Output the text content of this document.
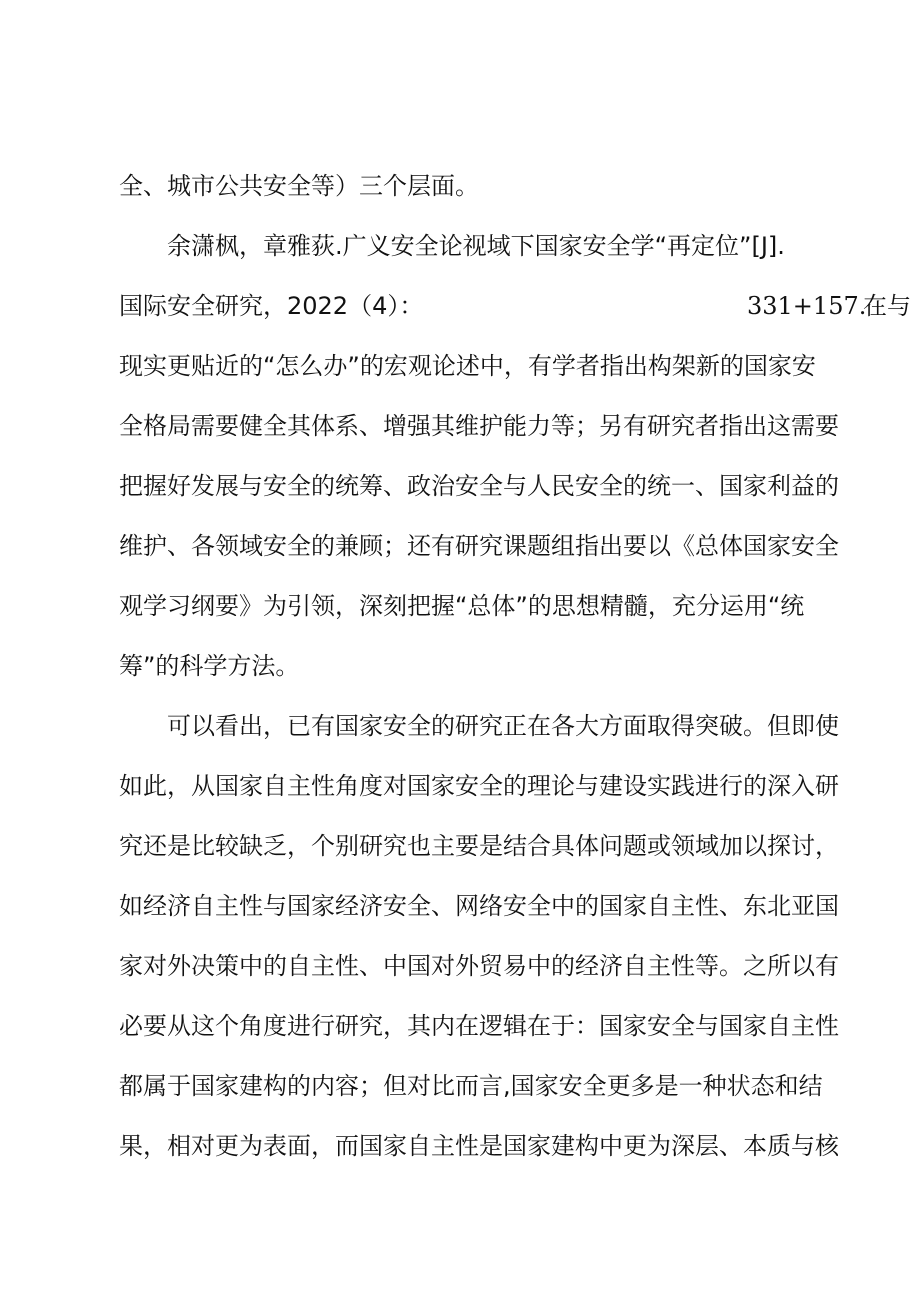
全、城市公共安全等）三个层面。
余潇枫，章雅荻.广义安全论视域下国家安全学“再定位”[J].
国际安全研究，2022（4）：	331+157.
在与
现实更贴近的“怎么办”的宏观论述中，有学者指出构架新的国家安
全格局需要健全其体系、增强其维护能力等；另有研究者指出这需要
把握好发展与安全的统筹、政治安全与人民安全的统一、国家利益的
维护、各领域安全的兼顾；还有研究课题组指出要以《总体国家安全
观学习纲要》为引领，深刻把握“总体”的思想精髓，充分运用“统
筹”的科学方法。
可以看出，已有国家安全的研究正在各大方面取得突破。但即使
如此，从国家自主性角度对国家安全的理论与建设实践进行的深入研
究还是比较缺乏，个别研究也主要是结合具体问题或领域加以探讨，
如经济自主性与国家经济安全、网络安全中的国家自主性、东北亚国
家对外决策中的自主性、中国对外贸易中的经济自主性等。之所以有
必要从这个角度进行研究，其内在逻辑在于：国家安全与国家自主性
都属于国家建构的内容；但对比而言,国家安全更多是一种状态和结
果，相对更为表面，而国家自主性是国家建构中更为深层、本质与核
